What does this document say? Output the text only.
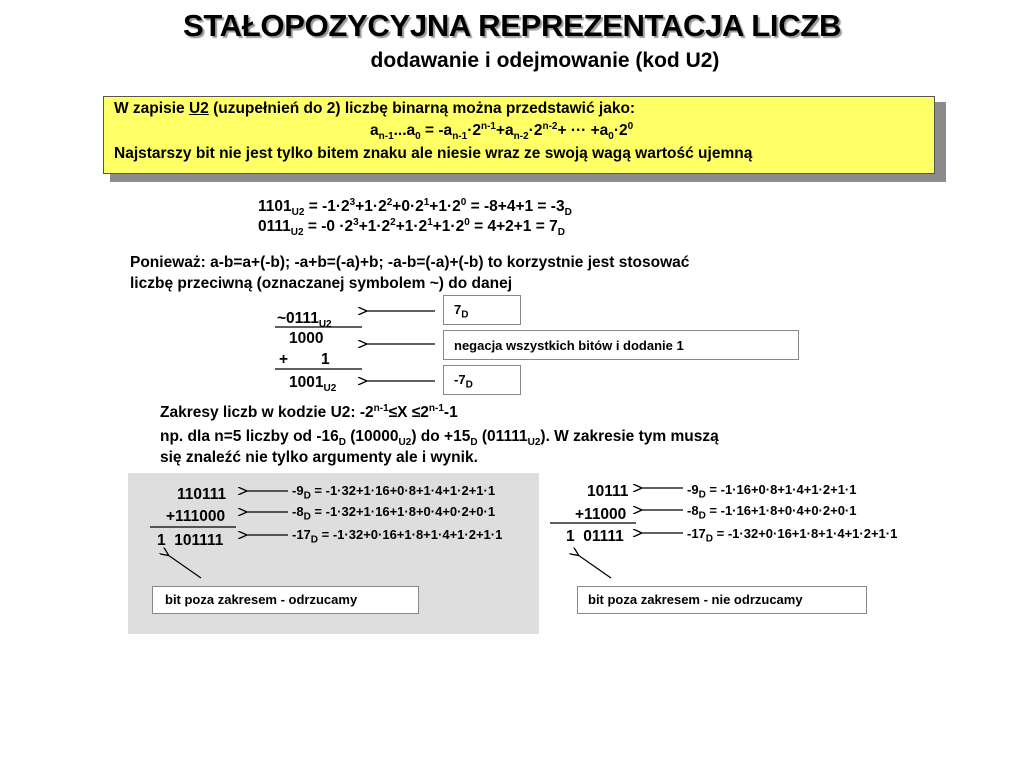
STAŁOPOZYCYJNA REPREZENTACJA LICZB
dodawanie i odejmowanie (kod U2)
W zapisie U2 (uzupełnień do 2) liczbę binarną można przedstawić jako:
$a_{n-1}...a_0 = -a_{n-1}\cdot 2^{n-1}+a_{n-2}\cdot 2^{n-2}+$ ··· $+a_0\cdot 2^0$
Najstarszy bit nie jest tylko bitem znaku ale niesie wraz ze swoją wagą wartość ujemną
$1101_{U2} = -1\cdot 2^3+1\cdot 2^2+0\cdot 2^1+1\cdot 2^0 = -8+4+1 = -3_D$
$0111_{U2} = -0 \cdot 2^3+1\cdot 2^2+1\cdot 2^1+1\cdot 2^0 = 4+2+1 = 7_D$
Ponieważ: a-b=a+(-b); -a+b=(-a)+b; -a-b=(-a)+(-b) to korzystnie jest stosować
liczbę przeciwną (oznaczanej symbolem ~) do danej
$\sim 0111_{U2}$
1000
+ 1
$1001_{U2}$
$7_D$
negacja wszystkich bitów i dodanie 1
$-7_D$
Zakresy liczb w kodzie U2: $-2^{n-1}\le X \le 2^{n-1}-1$
np. dla n=5 liczby od $-16_D$ $(10000_{U2})$ do $+15_D$ $(01111_{U2})$. W zakresie tym muszą
się znaleźć nie tylko argumenty ale i wynik.
110111
+111000
1  101111
$-9_D = -1\cdot 32+1\cdot 16+0\cdot 8+1\cdot 4+1\cdot 2+1\cdot 1$
$-8_D = -1\cdot 32+1\cdot 16+1\cdot 8+0\cdot 4+0\cdot 2+0\cdot 1$
$-17_D = -1\cdot 32+0\cdot 16+1\cdot 8+1\cdot 4+1\cdot 2+1\cdot 1$
bit poza zakresem - odrzucamy
10111
+11000
1  01111
$-9_D = -1\cdot 16+0\cdot 8+1\cdot 4+1\cdot 2+1\cdot 1$
$-8_D = -1\cdot 16+1\cdot 8+0\cdot 4+0\cdot 2+0\cdot 1$
$-17_D = -1\cdot 32+0\cdot 16+1\cdot 8+1\cdot 4+1\cdot 2+1\cdot 1$
bit poza zakresem - nie odrzucamy
